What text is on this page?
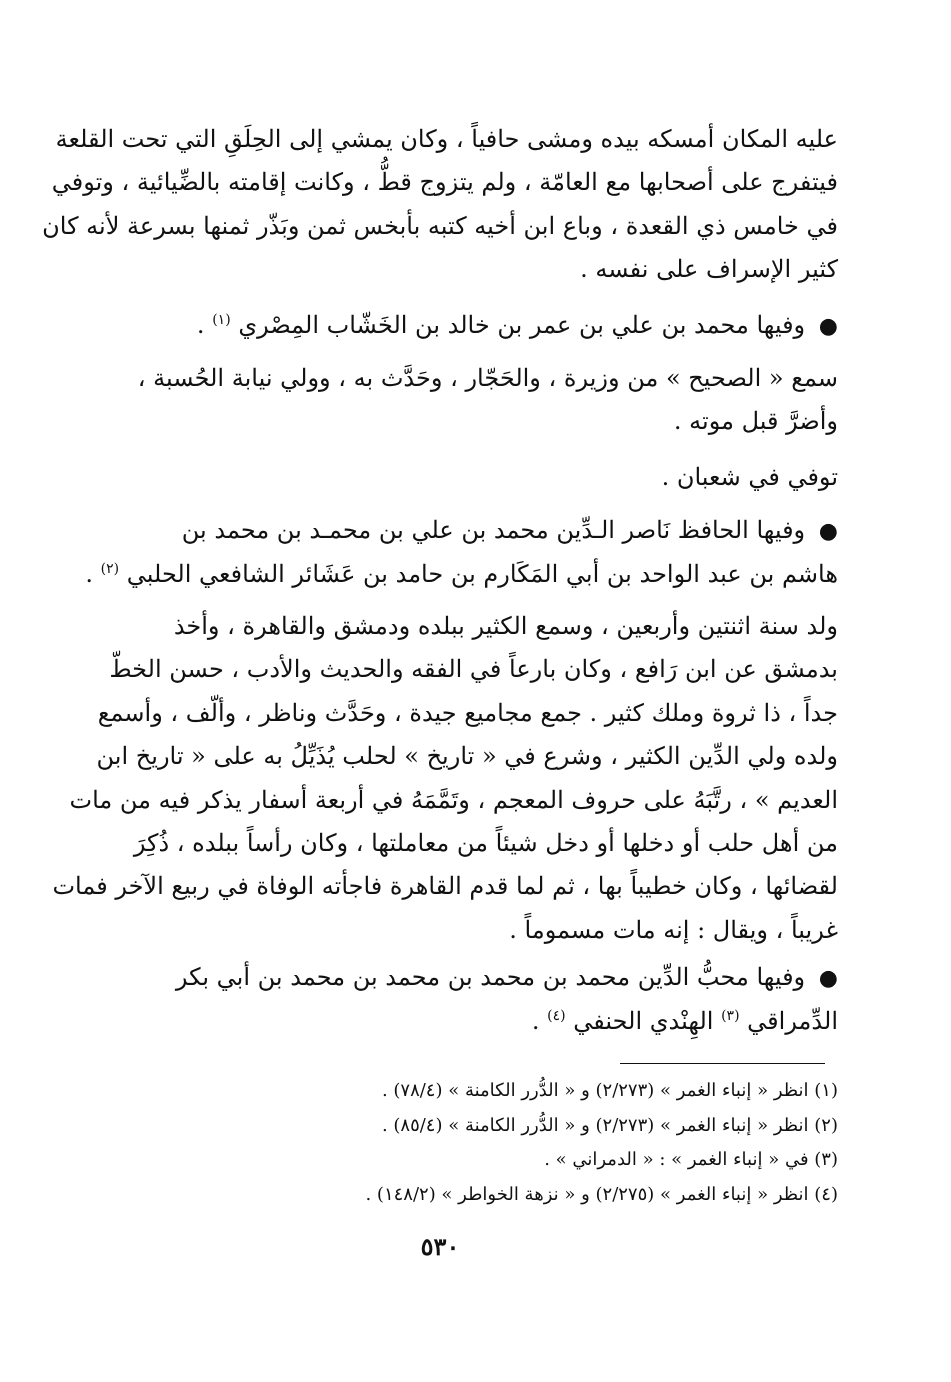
عليه المكان أمسكه بيده ومشى حافياً ، وكان يمشي إلى الحِلَقِ التي تحت القلعة
فيتفرج على أصحابها مع العامّة ، ولم يتزوج قطُّ ، وكانت إقامته بالضِّيائية ، وتوفي
في خامس ذي القعدة ، وباع ابن أخيه كتبه بأبخس ثمن وبَذّر ثمنها بسرعة لأنه كان
كثير الإسراف على نفسه .
● وفيها محمد بن علي بن عمر بن خالد بن الخَشّاب المِصْري $^{(١)}$ .
سمع « الصحيح » من وزيرة ، والحَجّار ، وحَدَّث به ، وولي نيابة الحُسبة ،
وأضرَّ قبل موته .
توفي في شعبان .
● وفيها الحافظ نَاصر الـدِّين محمد بن علي بن محمـد بن محمد بن
هاشم بن عبد الواحد بن أبي المَكَارم بن حامد بن عَشَائر الشافعي الحلبي $^{(٢)}$ .
ولد سنة اثنتين وأربعين ، وسمع الكثير ببلده ودمشق والقاهرة ، وأخذ
بدمشق عن ابن رَافع ، وكان بارعاً في الفقه والحديث والأدب ، حسن الخطّ
جداً ، ذا ثروة وملك كثير . جمع مجاميع جيدة ، وحَدَّث وناظر ، وألّف ، وأسمع
ولده ولي الدِّين الكثير ، وشرع في « تاريخ » لحلب يُذَيِّلُ به على « تاريخ ابن
العديم » ، رتَّبَهُ على حروف المعجم ، وتَمَّمَهُ في أربعة أسفار يذكر فيه من مات
من أهل حلب أو دخلها أو دخل شيئاً من معاملتها ، وكان رأساً ببلده ، ذُكِرَ
لقضائها ، وكان خطيباً بها ، ثم لما قدم القاهرة فاجأته الوفاة في ربيع الآخر فمات
غريباً ، ويقال : إنه مات مسموماً .
● وفيها محبُّ الدِّين محمد بن محمد بن محمد بن محمد بن أبي بكر
الدِّمراقي $^{(٣)}$ الهِنْدي الحنفي $^{(٤)}$ .
(١) انظر « إنباء الغمر » (٢/٢٧٣) و « الدُّرر الكامنة » (٧٨/٤) .
(٢) انظر « إنباء الغمر » (٢/٢٧٣) و « الدُّرر الكامنة » (٨٥/٤) .
(٣) في « إنباء الغمر » : « الدمراني » .
(٤) انظر « إنباء الغمر » (٢/٢٧٥) و « نزهة الخواطر » (١٤٨/٢) .
٥٣٠
